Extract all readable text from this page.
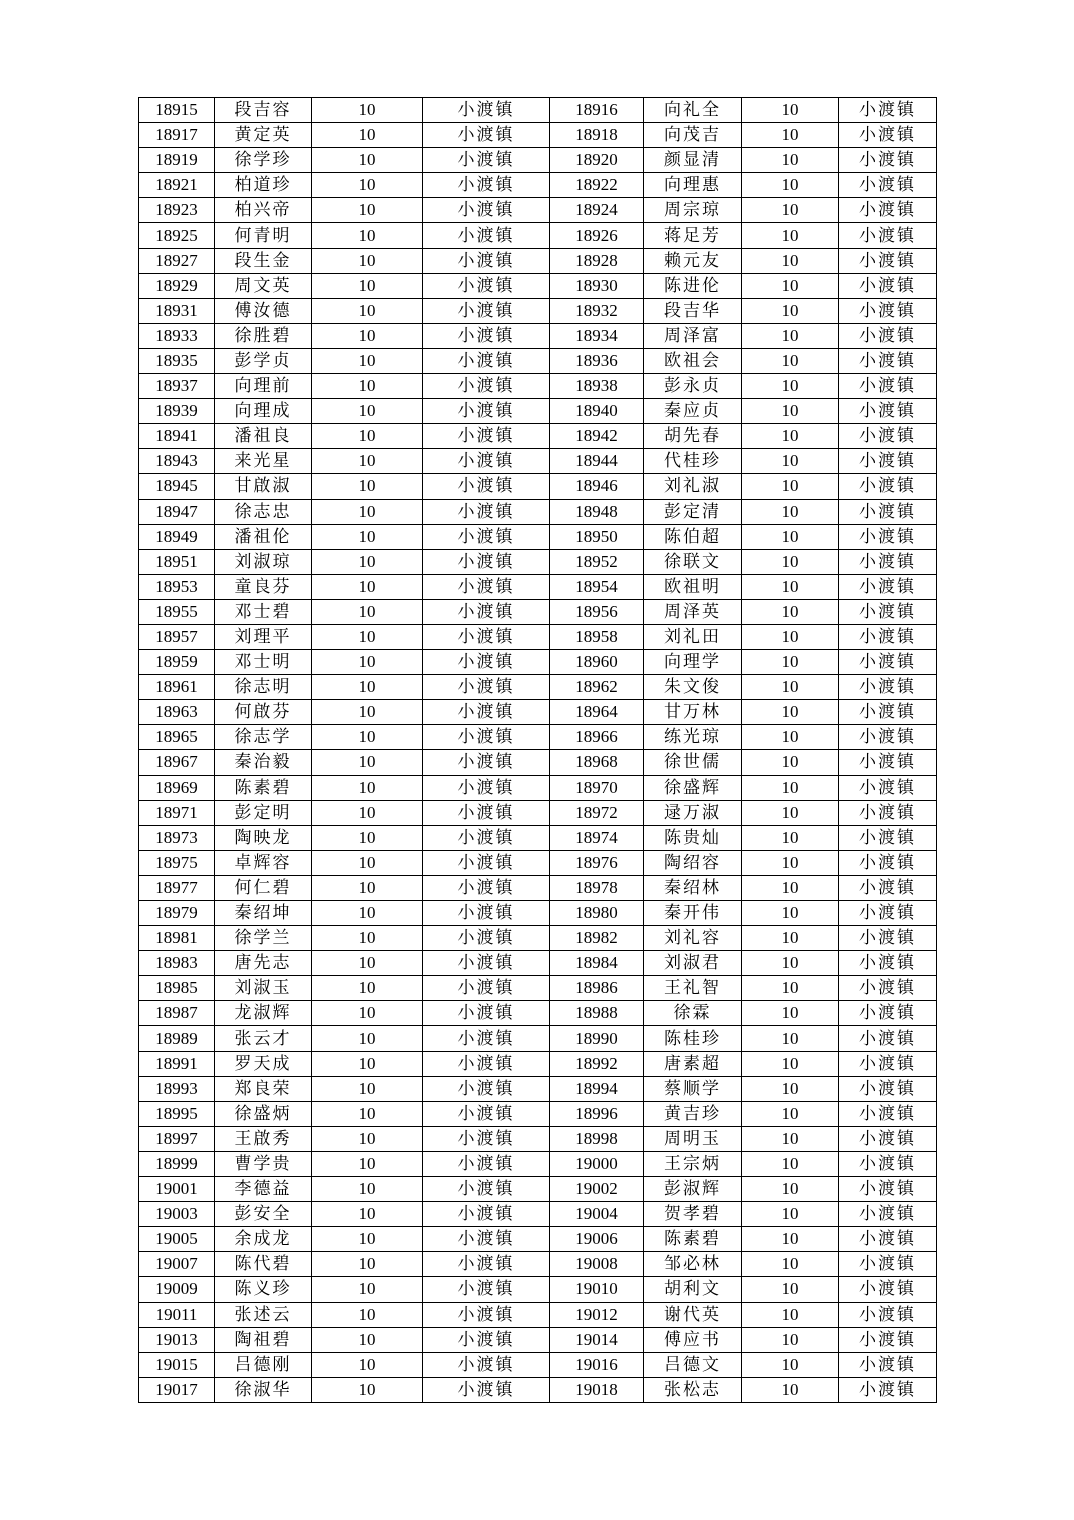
18915	段吉容	10	小渡镇	18916	向礼全	10	小渡镇
18917	黄定英	10	小渡镇	18918	向茂吉	10	小渡镇
18919	徐学珍	10	小渡镇	18920	颜显清	10	小渡镇
18921	柏道珍	10	小渡镇	18922	向理惠	10	小渡镇
18923	柏兴帝	10	小渡镇	18924	周宗琼	10	小渡镇
18925	何青明	10	小渡镇	18926	蒋足芳	10	小渡镇
18927	段生金	10	小渡镇	18928	赖元友	10	小渡镇
18929	周文英	10	小渡镇	18930	陈进伦	10	小渡镇
18931	傅汝德	10	小渡镇	18932	段吉华	10	小渡镇
18933	徐胜碧	10	小渡镇	18934	周泽富	10	小渡镇
18935	彭学贞	10	小渡镇	18936	欧祖会	10	小渡镇
18937	向理前	10	小渡镇	18938	彭永贞	10	小渡镇
18939	向理成	10	小渡镇	18940	秦应贞	10	小渡镇
18941	潘祖良	10	小渡镇	18942	胡先春	10	小渡镇
18943	来光星	10	小渡镇	18944	代桂珍	10	小渡镇
18945	甘啟淑	10	小渡镇	18946	刘礼淑	10	小渡镇
18947	徐志忠	10	小渡镇	18948	彭定清	10	小渡镇
18949	潘祖伦	10	小渡镇	18950	陈伯超	10	小渡镇
18951	刘淑琼	10	小渡镇	18952	徐联文	10	小渡镇
18953	童良芬	10	小渡镇	18954	欧祖明	10	小渡镇
18955	邓士碧	10	小渡镇	18956	周泽英	10	小渡镇
18957	刘理平	10	小渡镇	18958	刘礼田	10	小渡镇
18959	邓士明	10	小渡镇	18960	向理学	10	小渡镇
18961	徐志明	10	小渡镇	18962	朱文俊	10	小渡镇
18963	何啟芬	10	小渡镇	18964	甘万林	10	小渡镇
18965	徐志学	10	小渡镇	18966	练光琼	10	小渡镇
18967	秦治毅	10	小渡镇	18968	徐世儒	10	小渡镇
18969	陈素碧	10	小渡镇	18970	徐盛辉	10	小渡镇
18971	彭定明	10	小渡镇	18972	逯万淑	10	小渡镇
18973	陶映龙	10	小渡镇	18974	陈贵灿	10	小渡镇
18975	卓辉容	10	小渡镇	18976	陶绍容	10	小渡镇
18977	何仁碧	10	小渡镇	18978	秦绍林	10	小渡镇
18979	秦绍坤	10	小渡镇	18980	秦开伟	10	小渡镇
18981	徐学兰	10	小渡镇	18982	刘礼容	10	小渡镇
18983	唐先志	10	小渡镇	18984	刘淑君	10	小渡镇
18985	刘淑玉	10	小渡镇	18986	王礼智	10	小渡镇
18987	龙淑辉	10	小渡镇	18988	徐霖	10	小渡镇
18989	张云才	10	小渡镇	18990	陈桂珍	10	小渡镇
18991	罗天成	10	小渡镇	18992	唐素超	10	小渡镇
18993	郑良荣	10	小渡镇	18994	蔡顺学	10	小渡镇
18995	徐盛炳	10	小渡镇	18996	黄吉珍	10	小渡镇
18997	王啟秀	10	小渡镇	18998	周明玉	10	小渡镇
18999	曹学贵	10	小渡镇	19000	王宗炳	10	小渡镇
19001	李德益	10	小渡镇	19002	彭淑辉	10	小渡镇
19003	彭安全	10	小渡镇	19004	贺孝碧	10	小渡镇
19005	余成龙	10	小渡镇	19006	陈素碧	10	小渡镇
19007	陈代碧	10	小渡镇	19008	邹必林	10	小渡镇
19009	陈义珍	10	小渡镇	19010	胡利文	10	小渡镇
19011	张述云	10	小渡镇	19012	谢代英	10	小渡镇
19013	陶祖碧	10	小渡镇	19014	傅应书	10	小渡镇
19015	吕德刚	10	小渡镇	19016	吕德文	10	小渡镇
19017	徐淑华	10	小渡镇	19018	张松志	10	小渡镇
